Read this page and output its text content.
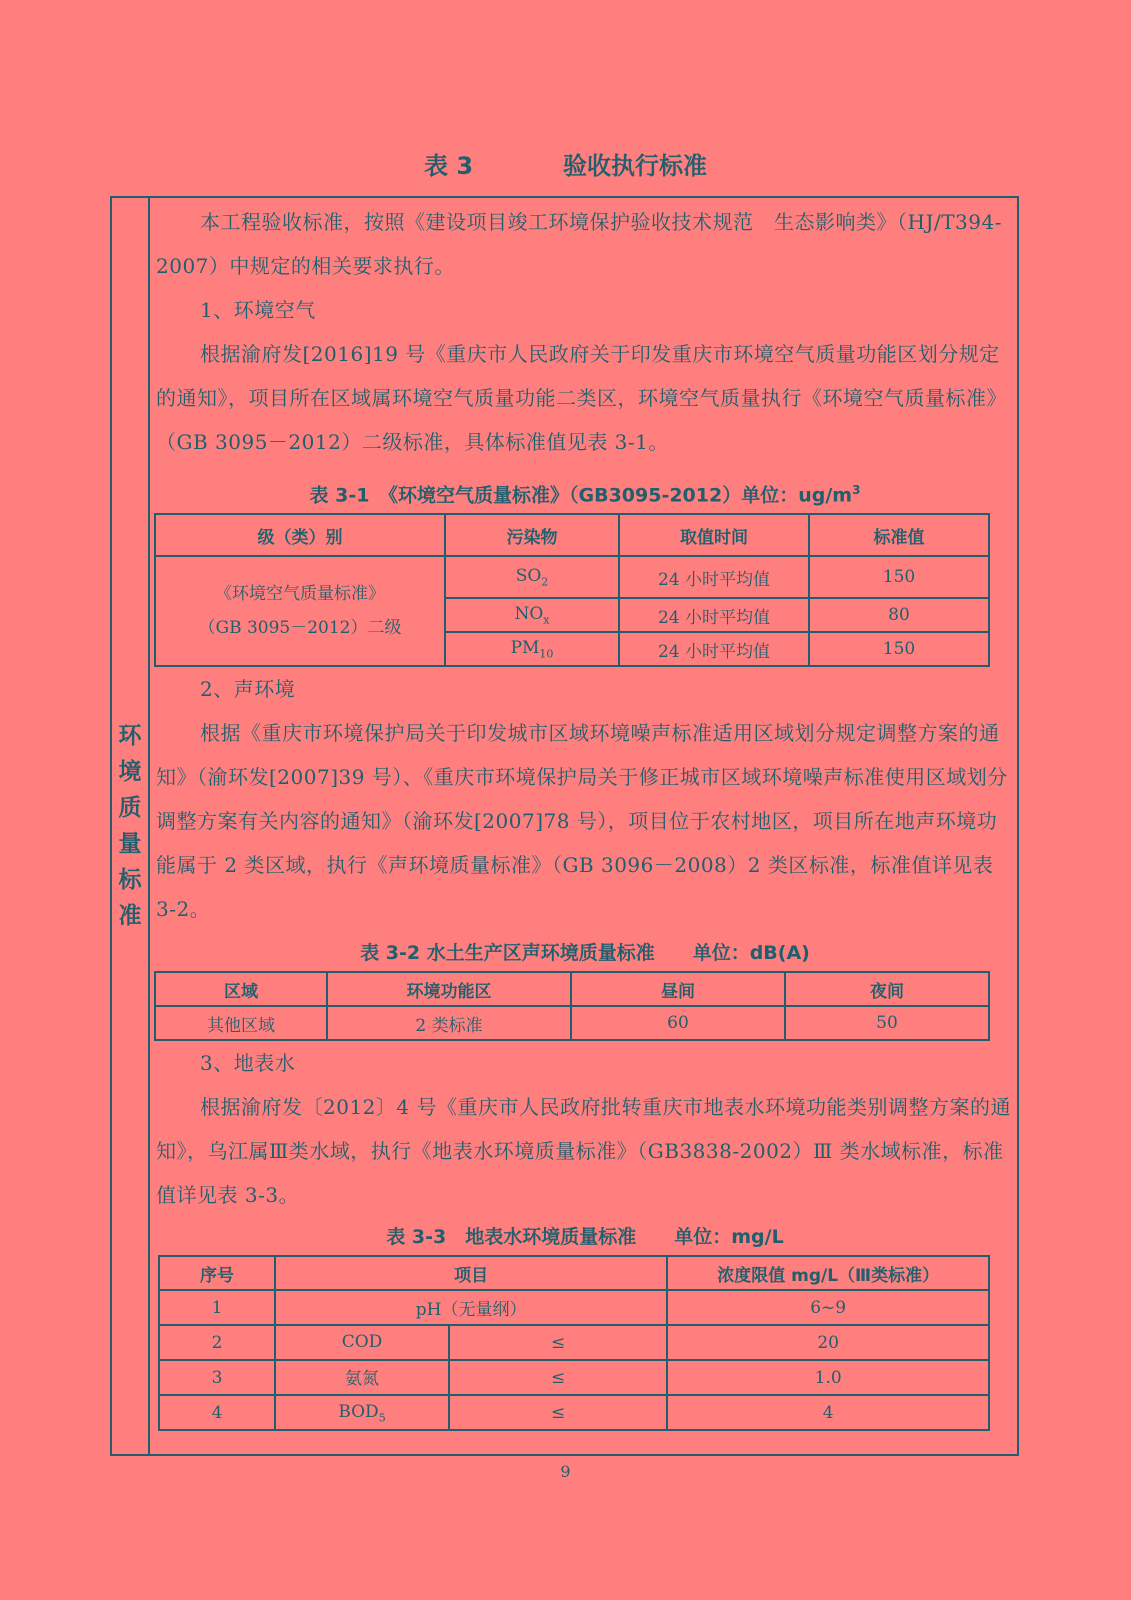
表 3	验收执行标准
环境质量标准

本工程验收标准，按照《建设项目竣工环境保护验收技术规范　生态影响类》（HJ/T394-2007）中规定的相关要求执行。

1、环境空气

根据渝府发[2016]19 号《重庆市人民政府关于印发重庆市环境空气质量功能区划分规定的通知》，项目所在区域属环境空气质量功能二类区，环境空气质量执行《环境空气质量标准》（GB 3095－2012）二级标准，具体标准值见表 3-1。

表 3-1　《环境空气质量标准》（GB3095-2012）单位：$ug/m^3$
级（类）别	污染物	取值时间	标准值

《环境空气质量标准》
（GB 3095－2012）二级	$SO_2$	24 小时平均值	150
	$NO_x$	24 小时平均值	80
	$PM_{10}$	24 小时平均值	150

2、声环境

根据《重庆市环境保护局关于印发城市区域环境噪声标准适用区域划分规定调整方案的通知》（渝环发[2007]39 号）、《重庆市环境保护局关于修正城市区域环境噪声标准使用区域划分调整方案有关内容的通知》（渝环发[2007]78 号），项目位于农村地区，项目所在地声环境功能属于 2 类区域，执行《声环境质量标准》（GB 3096－2008）2 类区标准，标准值详见表 3-2。

表 3-2 水土生产区声环境质量标准　　单位：dB(A)
区域	环境功能区	昼间	夜间
其他区域	2 类标准	60	50

3、地表水

根据渝府发〔2012〕4 号《重庆市人民政府批转重庆市地表水环境功能类别调整方案的通知》，乌江属Ⅲ类水域，执行《地表水环境质量标准》（GB3838-2002）Ⅲ 类水域标准，标准值详见表 3-3。

表 3-3　地表水环境质量标准　　单位：mg/L
序号	项目		浓度限值 mg/L（Ⅲ类标准）
1	pH（无量纲）		6~9
2	COD	≤	20
3	氨氮	≤	1.0
4	$BOD_5$	≤	4
9
